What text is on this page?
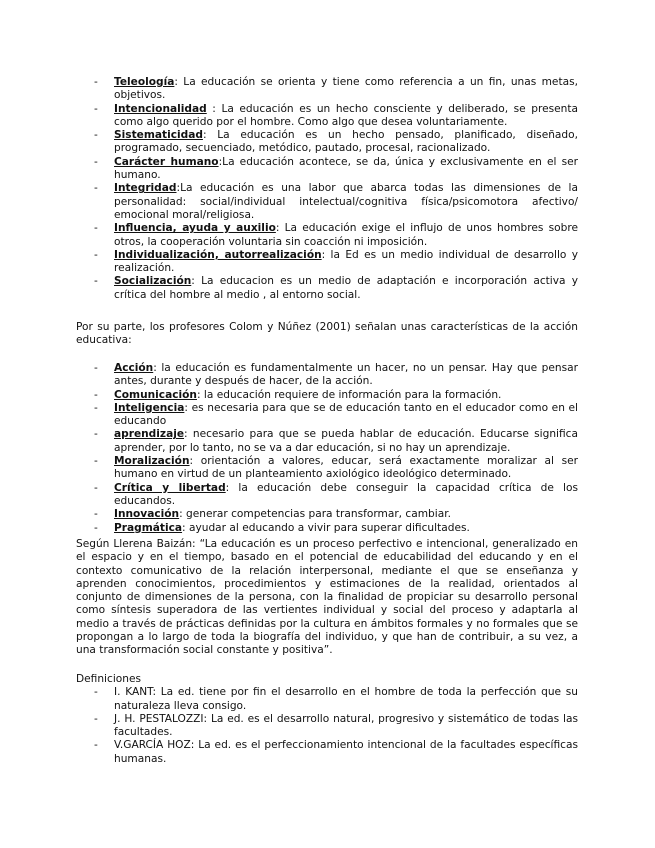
- Teleología: La educación se orienta y tiene como referencia a un fin, unas metas, objetivos.
- Intencionalidad : La educación es un hecho consciente y deliberado, se presenta como algo querido por el hombre. Como algo que desea voluntariamente.
- Sistematicidad: La educación es un hecho pensado, planificado, diseñado, programado, secuenciado, metódico, pautado, procesal, racionalizado.
- Carácter humano:La educación acontece, se da, única y exclusivamente en el ser humano.
- Integridad:La educación es una labor que abarca todas las dimensiones de la personalidad: social/individual intelectual/cognitiva física/psicomotora afectivo/ emocional moral/religiosa.
- Influencia, ayuda y auxilio: La educación exige el influjo de unos hombres sobre otros, la cooperación voluntaria sin coacción ni imposición.
- Individualización, autorrealización: la Ed es un medio individual de desarrollo y realización.
- Socialización: La educacion es un medio de adaptación e incorporación activa y crítica del hombre al medio , al entorno social.

Por su parte, los profesores Colom y Núñez (2001) señalan unas características de la acción educativa:

- Acción: la educación es fundamentalmente un hacer, no un pensar. Hay que pensar antes, durante y después de hacer, de la acción.
- Comunicación: la educación requiere de información para la formación.
- Inteligencia: es necesaria para que se de educación tanto en el educador como en el educando
- aprendizaje: necesario para que se pueda hablar de educación. Educarse significa aprender, por lo tanto, no se va a dar educación, si no hay un aprendizaje.
- Moralización: orientación a valores, educar, será exactamente moralizar al ser humano en virtud de un planteamiento axiológico ideológico determinado.
- Crítica y libertad: la educación debe conseguir la capacidad crítica de los educandos.
- Innovación: generar competencias para transformar, cambiar.
- Pragmática: ayudar al educando a vivir para superar dificultades.

Según Llerena Baizán: “La educación es un proceso perfectivo e intencional, generalizado en el espacio y en el tiempo, basado en el potencial de educabilidad del educando y en el contexto comunicativo de la relación interpersonal, mediante el que se enseñanza y aprenden conocimientos, procedimientos y estimaciones de la realidad, orientados al conjunto de dimensiones de la persona, con la finalidad de propiciar su desarrollo personal como síntesis superadora de las vertientes individual y social del proceso y adaptarla al medio a través de prácticas definidas por la cultura en ámbitos formales y no formales que se propongan a lo largo de toda la biografía del individuo, y que han de contribuir, a su vez, a una transformación social constante y positiva”.

Definiciones

- I. KANT: La ed. tiene por fin el desarrollo en el hombre de toda la perfección que su naturaleza lleva consigo.
- J. H. PESTALOZZI: La ed. es el desarrollo natural, progresivo y sistemático de todas las facultades.
- V.GARCÍA HOZ: La ed. es el perfeccionamiento intencional de la facultades específicas humanas.
